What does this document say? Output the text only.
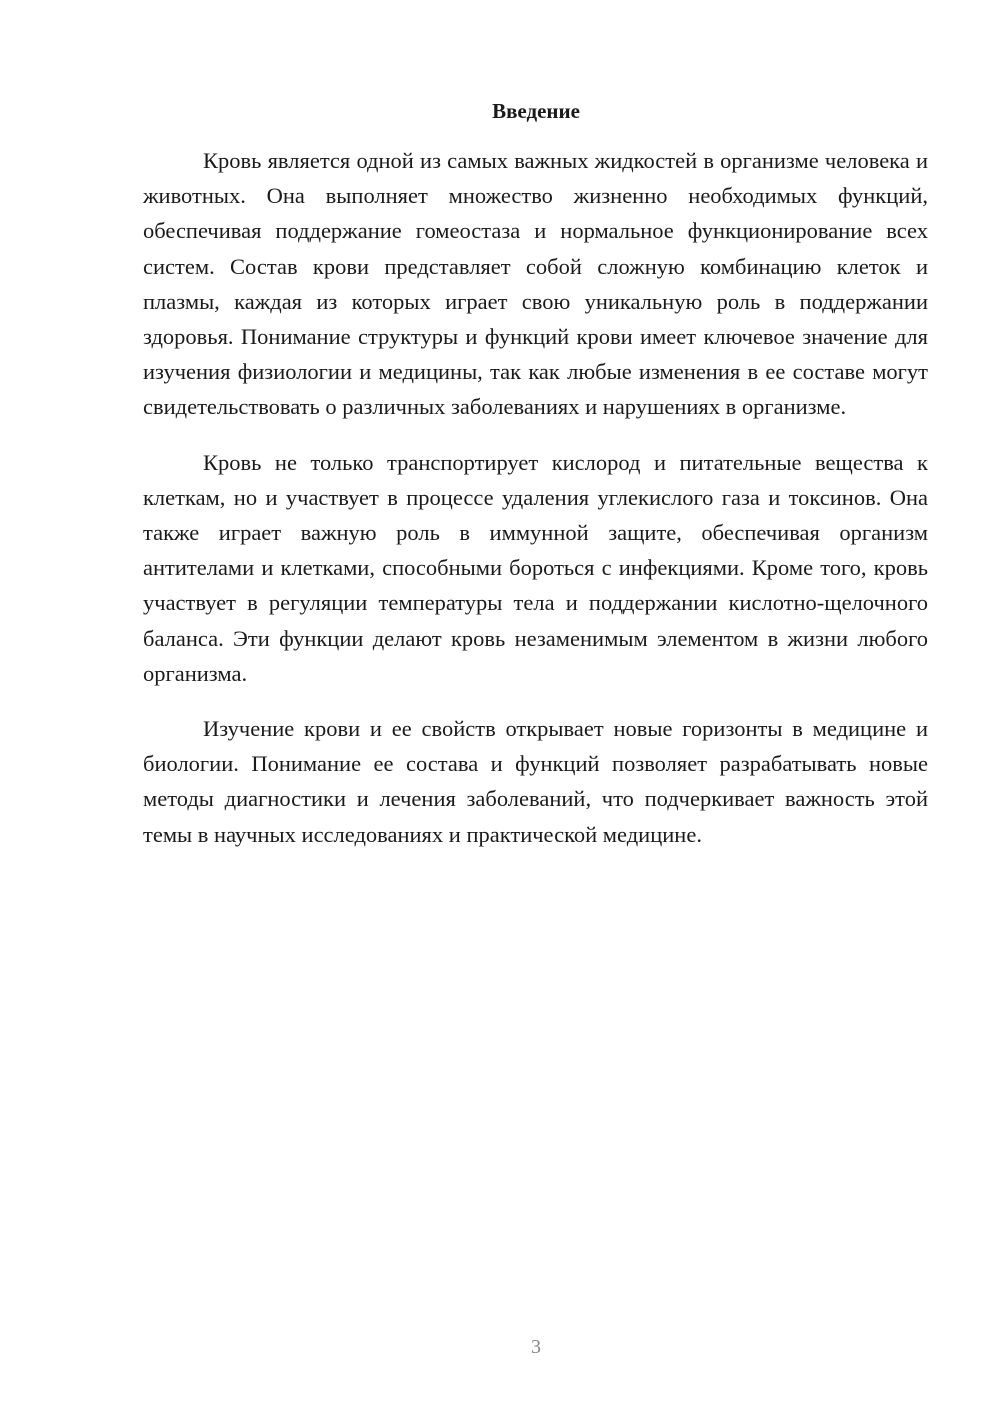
Введение

Кровь является одной из самых важных жидкостей в организме человека и животных. Она выполняет множество жизненно необходимых функций, обеспечивая поддержание гомеостаза и нормальное функционирование всех систем. Состав крови представляет собой сложную комбинацию клеток и плазмы, каждая из которых играет свою уникальную роль в поддержании здоровья. Понимание структуры и функций крови имеет ключевое значение для изучения физиологии и медицины, так как любые изменения в ее составе могут свидетельствовать о различных заболеваниях и нарушениях в организме.

Кровь не только транспортирует кислород и питательные вещества к клеткам, но и участвует в процессе удаления углекислого газа и токсинов. Она также играет важную роль в иммунной защите, обеспечивая организм антителами и клетками, способными бороться с инфекциями. Кроме того, кровь участвует в регуляции температуры тела и поддержании кислотно-щелочного баланса. Эти функции делают кровь незаменимым элементом в жизни любого организма.

Изучение крови и ее свойств открывает новые горизонты в медицине и биологии. Понимание ее состава и функций позволяет разрабатывать новые методы диагностики и лечения заболеваний, что подчеркивает важность этой темы в научных исследованиях и практической медицине.

3
